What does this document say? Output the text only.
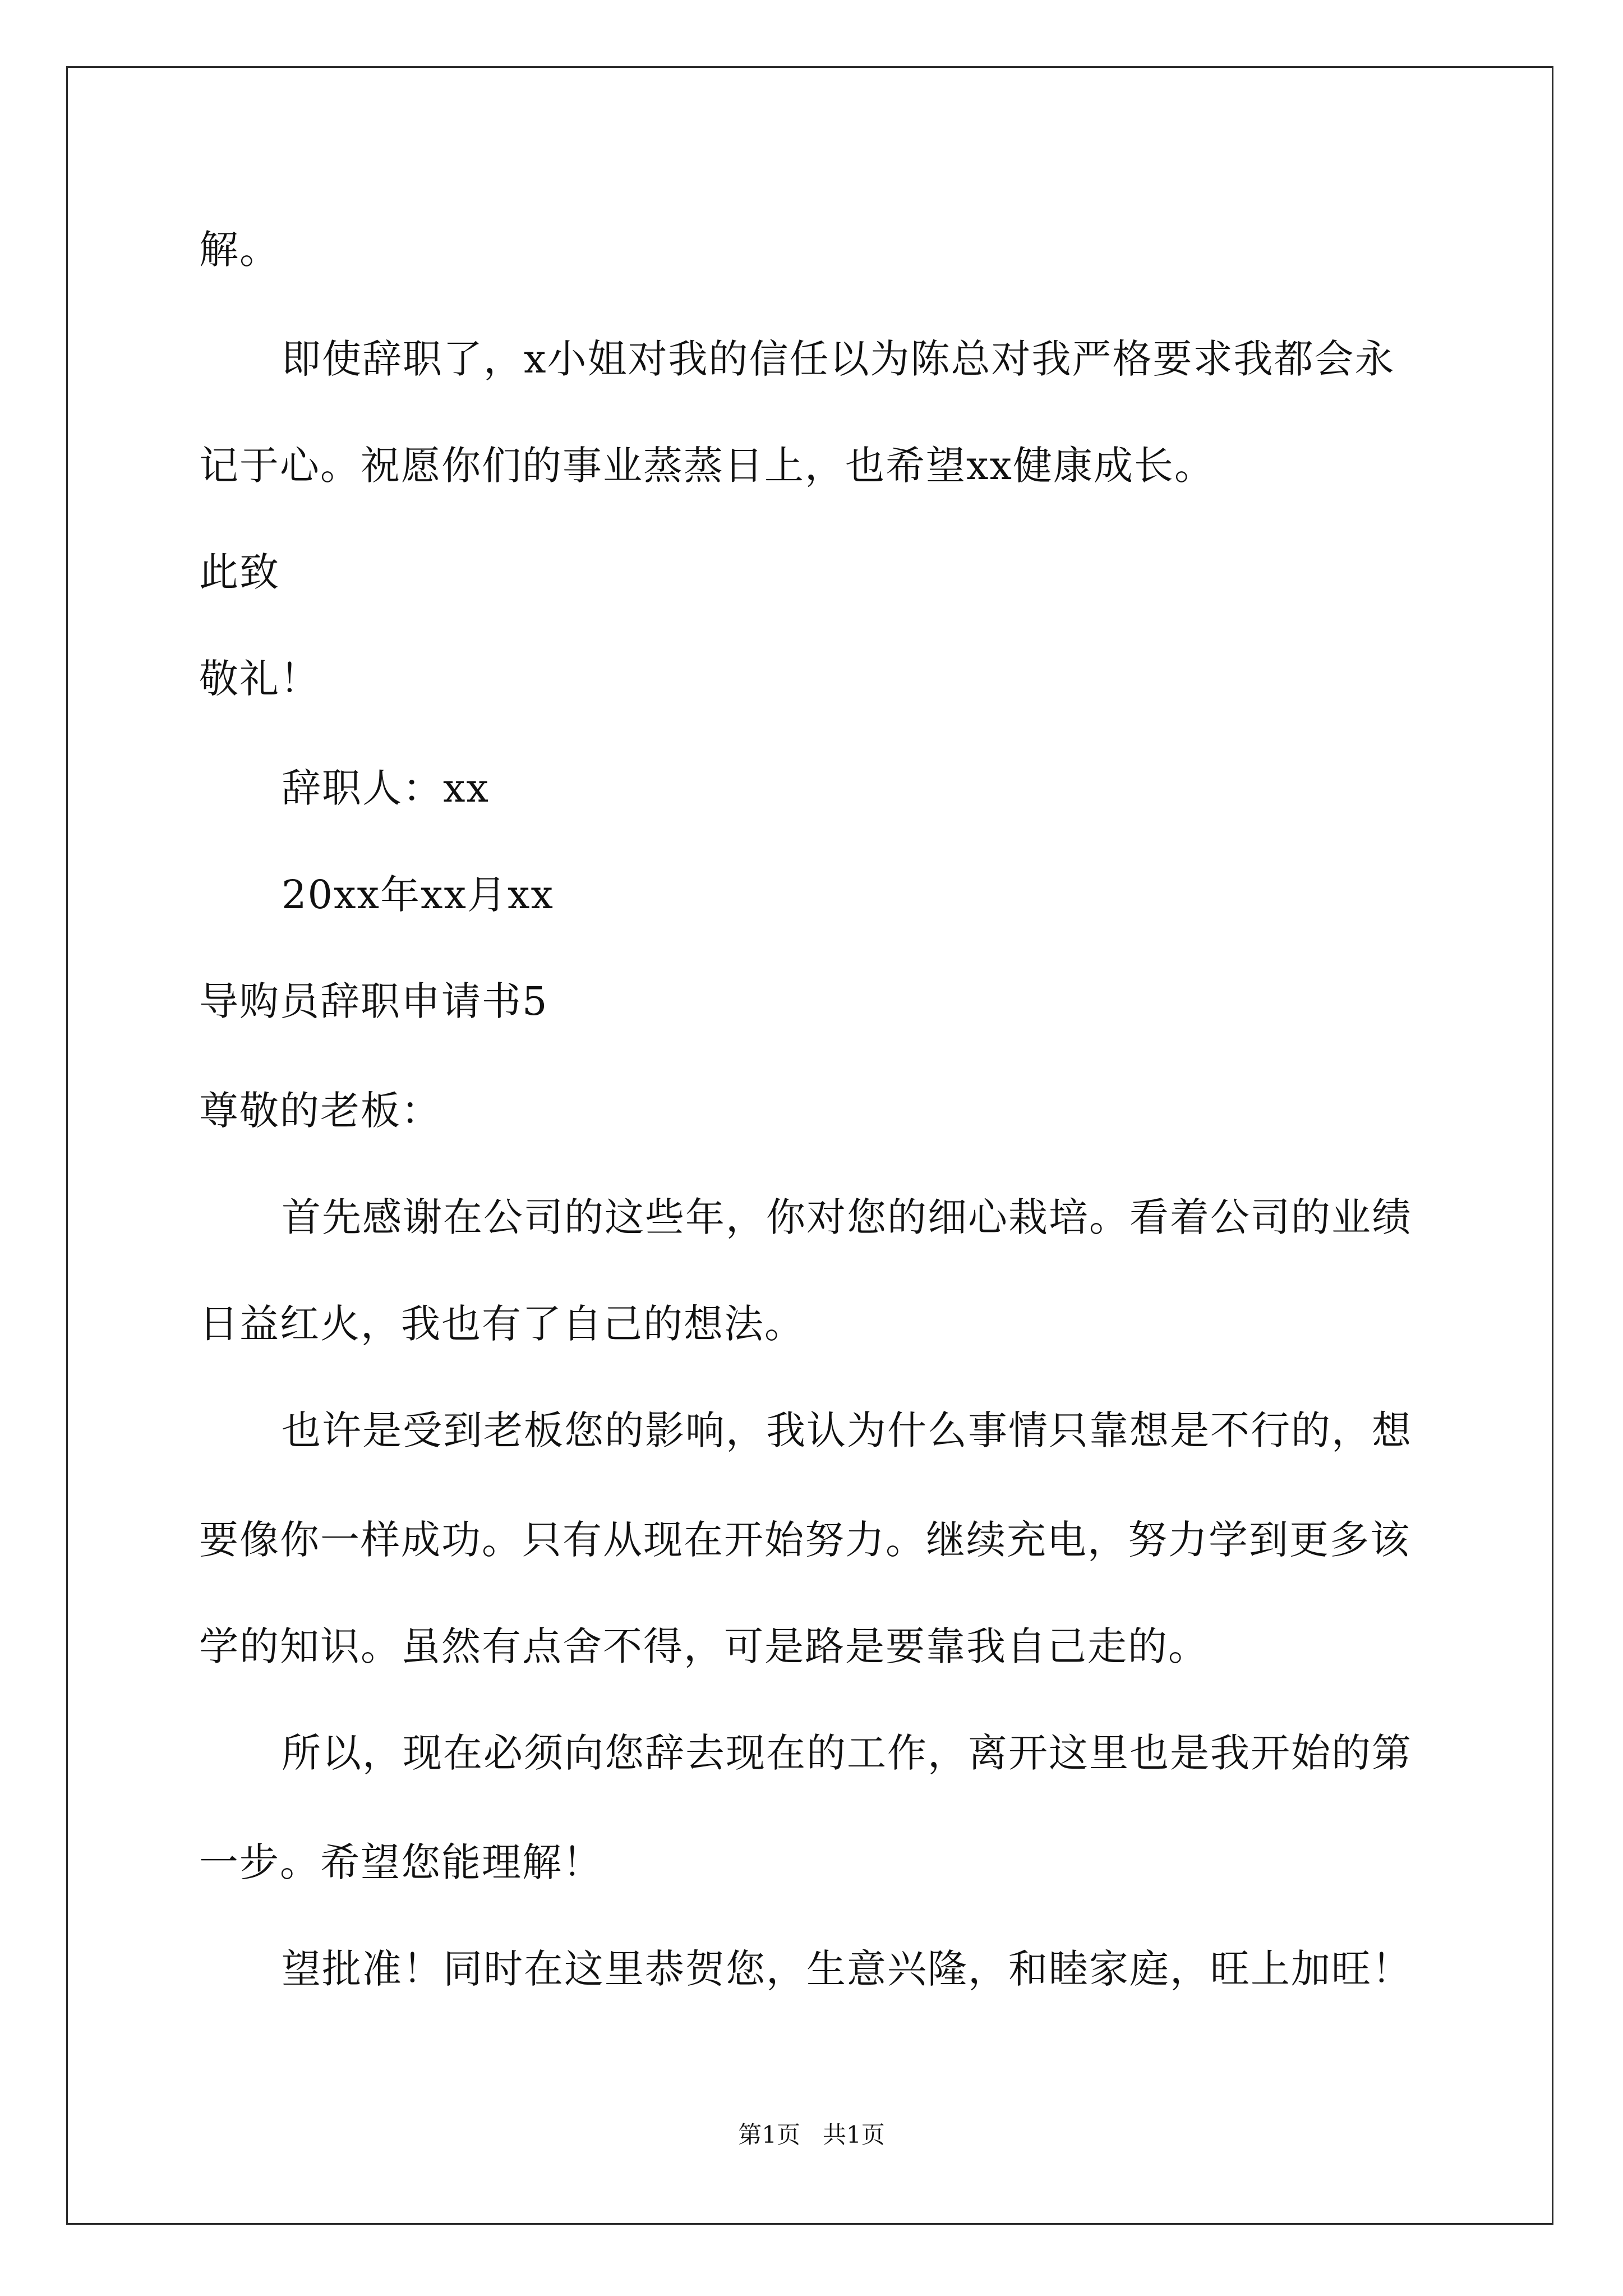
解。
即使辞职了，x小姐对我的信任以为陈总对我严格要求我都会永
记于心。祝愿你们的事业蒸蒸日上，也希望xx健康成长。
此致
敬礼！
辞职人：xx
20xx年xx月xx
导购员辞职申请书5
尊敬的老板：
首先感谢在公司的这些年，你对您的细心栽培。看着公司的业绩
日益红火，我也有了自己的想法。
也许是受到老板您的影响，我认为什么事情只靠想是不行的，想
要像你一样成功。只有从现在开始努力。继续充电，努力学到更多该
学的知识。虽然有点舍不得，可是路是要靠我自己走的。
所以，现在必须向您辞去现在的工作，离开这里也是我开始的第
一步。希望您能理解！
望批准！同时在这里恭贺您，生意兴隆，和睦家庭，旺上加旺！
第1页   共1页
